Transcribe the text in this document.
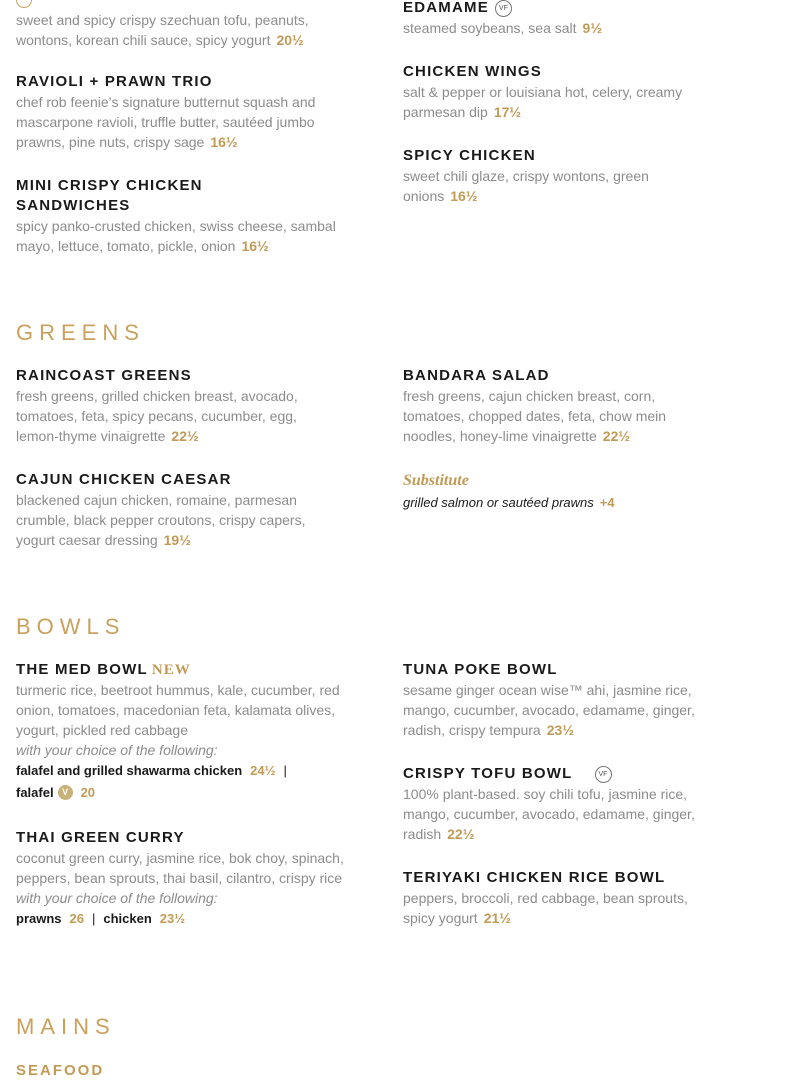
sweet and spicy crispy szechuan tofu, peanuts, wontons, korean chili sauce, spicy yogurt 20½
RAVIOLI + PRAWN TRIO
chef rob feenie’s signature butternut squash and mascarpone ravioli, truffle butter, sautéed jumbo prawns, pine nuts, crispy sage 16½
MINI CRISPY CHICKEN SANDWICHES
spicy panko-crusted chicken, swiss cheese, sambal mayo, lettuce, tomato, pickle, onion 16½
EDAMAME VF
steamed soybeans, sea salt 9½
CHICKEN WINGS
salt & pepper or louisiana hot, celery, creamy parmesan dip 17½
SPICY CHICKEN
sweet chili glaze, crispy wontons, green onions 16½
GREENS
RAINCOAST GREENS
fresh greens, grilled chicken breast, avocado, tomatoes, feta, spicy pecans, cucumber, egg, lemon-thyme vinaigrette 22½
CAJUN CHICKEN CAESAR
blackened cajun chicken, romaine, parmesan crumble, black pepper croutons, crispy capers, yogurt caesar dressing 19½
BANDARA SALAD
fresh greens, cajun chicken breast, corn, tomatoes, chopped dates, feta, chow mein noodles, honey-lime vinaigrette 22½
Substitute
grilled salmon or sautéed prawns +4
BOWLS
THE MED BOWL NEW
turmeric rice, beetroot hummus, kale, cucumber, red onion, tomatoes, macedonian feta, kalamata olives, yogurt, pickled red cabbage
with your choice of the following:
falafel and grilled shawarma chicken 24½ |
falafel V 20
THAI GREEN CURRY
coconut green curry, jasmine rice, bok choy, spinach, peppers, bean sprouts, thai basil, cilantro, crispy rice
with your choice of the following:
prawns 26 | chicken 23½
TUNA POKE BOWL
sesame ginger ocean wise™ ahi, jasmine rice, mango, cucumber, avocado, edamame, ginger, radish, crispy tempura 23½
CRISPY TOFU BOWL	VF
100% plant-based. soy chili tofu, jasmine rice, mango, cucumber, avocado, edamame, ginger, radish 22½
TERIYAKI CHICKEN RICE BOWL
peppers, broccoli, red cabbage, bean sprouts, spicy yogurt 21½
MAINS
SEAFOOD
